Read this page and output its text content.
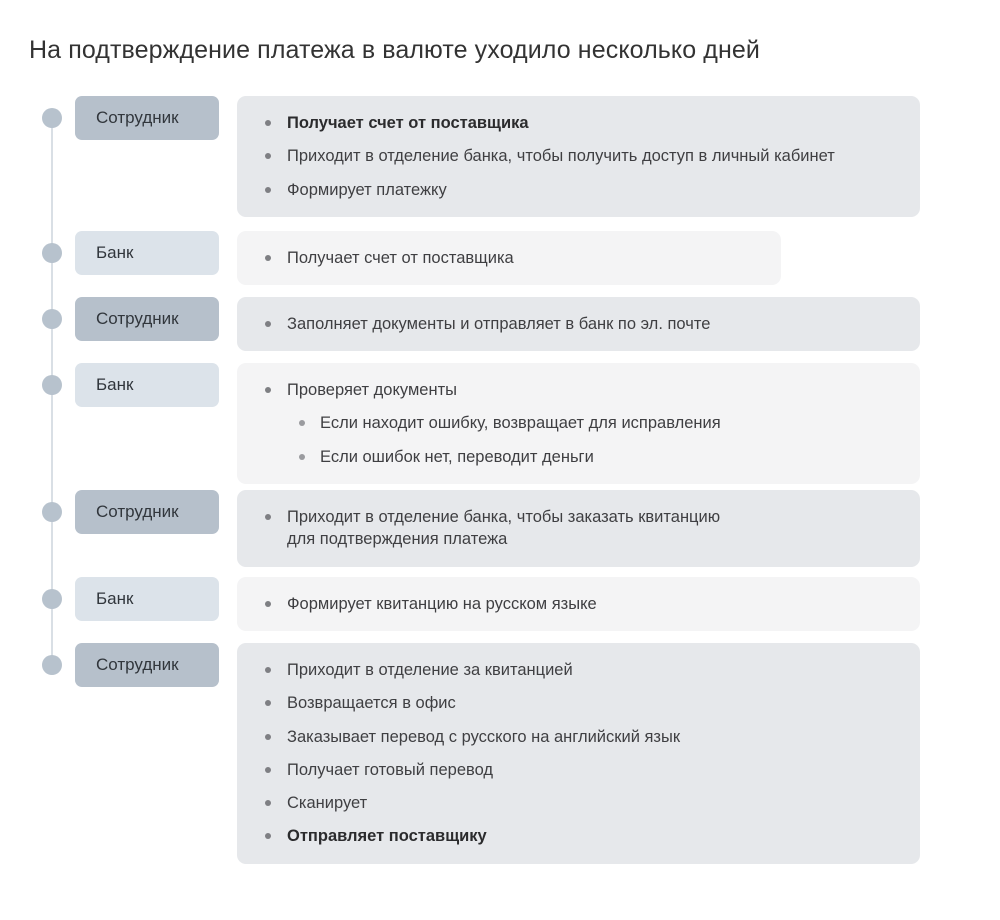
На подтверждение платежа в валюте уходило несколько дней
Сотрудник	Получает счет от поставщика
Приходит в отделение банка, чтобы получить доступ в личный кабинет
Формирует платежку
Банк	Получает счет от поставщика
Сотрудник	Заполняет документы и отправляет в банк по эл. почте
Банк	Проверяет документы
Если находит ошибку, возвращает для исправления
Если ошибок нет, переводит деньги
Сотрудник	Приходит в отделение банка, чтобы заказать квитанцию
для подтверждения платежа
Банк	Формирует квитанцию на русском языке
Сотрудник	Приходит в отделение за квитанцией
Возвращается в офис
Заказывает перевод с русского на английский язык
Получает готовый перевод
Сканирует
Отправляет поставщику
